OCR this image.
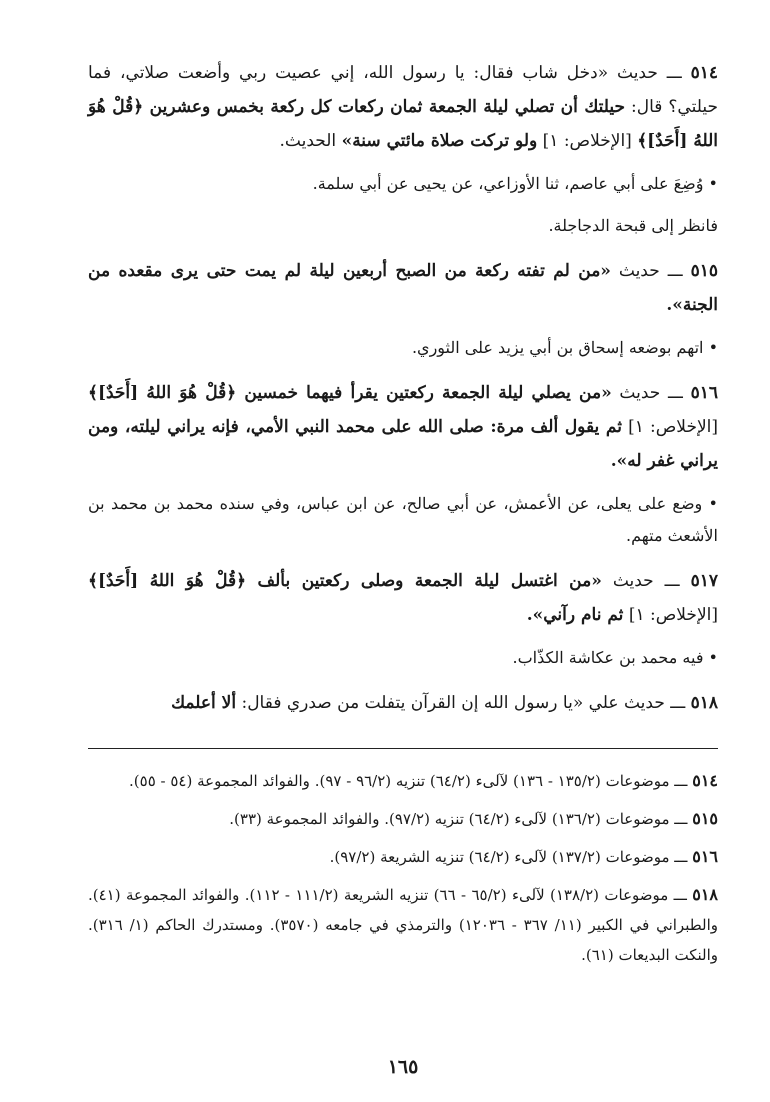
٥١٤ ـــ حديث «دخل شاب فقال: يا رسول الله، إني عصيت ربي وأضعت صلاتي، فما حيلتي؟ قال: حيلتك أن تصلي ليلة الجمعة ثمان ركعات كل ركعة بخمس وعشرين ﴿قُلْ هُوَ اللهُ [أَحَدٌ]﴾ [الإخلاص: ١] ولو تركت صلاة مائتي سنة» الحديث.

• وُضِعَ على أبي عاصم، ثنا الأوزاعي، عن يحيى عن أبي سلمة.

فانظر إلى قبحة الدجاجلة.

٥١٥ ـــ حديث «من لم تفته ركعة من الصبح أربعين ليلة لم يمت حتى يرى مقعده من الجنة».

• اتهم بوضعه إسحاق بن أبي يزيد على الثوري.

٥١٦ ـــ حديث «من يصلي ليلة الجمعة ركعتين يقرأ فيهما خمسين ﴿قُلْ هُوَ اللهُ [أَحَدٌ]﴾ [الإخلاص: ١] ثم يقول ألف مرة: صلى الله على محمد النبي الأمي، فإنه يراني ليلته، ومن يراني غفر له».

• وضع على يعلى، عن الأعمش، عن أبي صالح، عن ابن عباس، وفي سنده محمد بن محمد بن الأشعث متهم.

٥١٧ ـــ حديث «من اغتسل ليلة الجمعة وصلى ركعتين بألف ﴿قُلْ هُوَ اللهُ [أَحَدٌ]﴾ [الإخلاص: ١] ثم نام رآني».

• فيه محمد بن عكاشة الكذّاب.

٥١٨ ـــ حديث علي «يا رسول الله إن القرآن يتفلت من صدري فقال: ألا أعلمك

٥١٤ ـــ موضوعات (١٣٥/٢ - ١٣٦) لآلىء (٦٤/٢) تنزيه (٩٦/٢ - ٩٧). والفوائد المجموعة (٥٤ - ٥٥).

٥١٥ ـــ موضوعات (١٣٦/٢) لآلىء (٦٤/٢) تنزيه (٩٧/٢). والفوائد المجموعة (٣٣).

٥١٦ ـــ موضوعات (١٣٧/٢) لآلىء (٦٤/٢) تنزيه الشريعة (٩٧/٢).

٥١٨ ـــ موضوعات (١٣٨/٢) لآلىء (٦٥/٢ - ٦٦) تنزيه الشريعة (١١١/٢ - ١١٢). والفوائد المجموعة (٤١). والطبراني في الكبير (١١/ ٣٦٧ - ١٢٠٣٦) والترمذي في جامعه (٣٥٧٠). ومستدرك الحاكم (١/ ٣١٦). والنكت البديعات (٦١).

١٦٥
